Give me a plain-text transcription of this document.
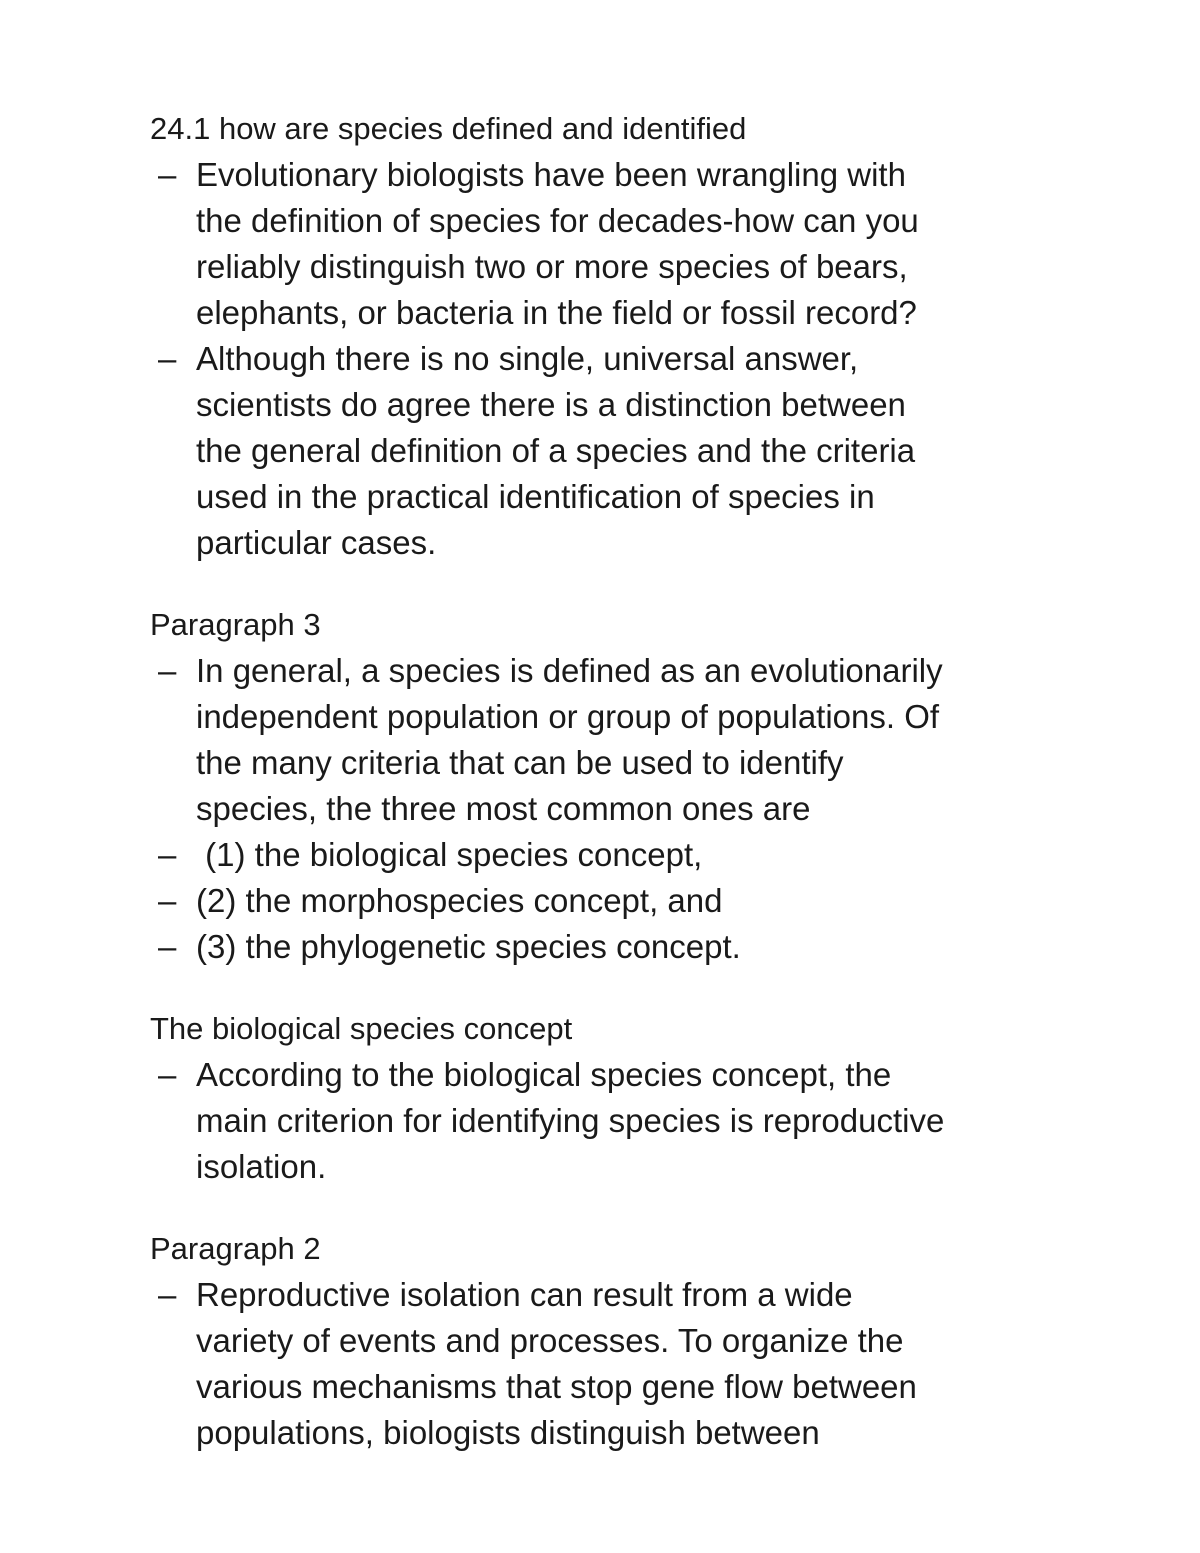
24.1 how are species defined and identified
– Evolutionary biologists have been wrangling with
the definition of species for decades-how can you
reliably distinguish two or more species of bears,
elephants, or bacteria in the field or fossil record?
– Although there is no single, universal answer,
scientists do agree there is a distinction between
the general definition of a species and the criteria
used in the practical identification of species in
particular cases.
Paragraph 3
– In general, a species is defined as an evolutionarily
independent population or group of populations. Of
the many criteria that can be used to identify
species, the three most common ones are
– (1) the biological species concept,
– (2) the morphospecies concept, and
– (3) the phylogenetic species concept.
The biological species concept
– According to the biological species concept, the
main criterion for identifying species is reproductive
isolation.
Paragraph 2
– Reproductive isolation can result from a wide
variety of events and processes. To organize the
various mechanisms that stop gene flow between
populations, biologists distinguish between
